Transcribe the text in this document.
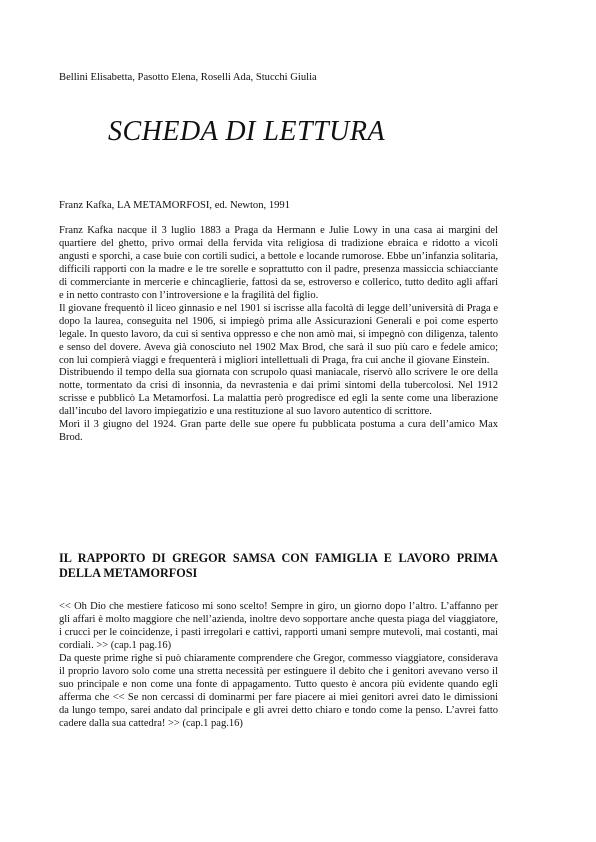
Bellini Elisabetta, Pasotto Elena, Roselli Ada, Stucchi Giulia
SCHEDA DI LETTURA
Franz Kafka, LA METAMORFOSI, ed. Newton, 1991

Franz Kafka nacque il 3 luglio 1883 a Praga da Hermann e Julie Lowy in una casa ai margini del quartiere del ghetto, privo ormai della fervida vita religiosa di tradizione ebraica e ridotto a vicoli angusti e sporchi, a case buie con cortili sudici, a bettole e locande rumorose. Ebbe un’infanzia solitaria, difficili rapporti con la madre e le tre sorelle e soprattutto con il padre, presenza massiccia schiacciante di commerciante in mercerie e chincaglierie, fattosi da se, estroverso e collerico, tutto dedito agli affari e in netto contrasto con l’introversione e la fragilità del figlio.

Il giovane frequentò il liceo ginnasio e nel 1901 si iscrisse alla facoltà di legge dell’università di Praga e dopo la laurea, conseguita nel 1906, si impiegò prima alle Assicurazioni Generali e poi come esperto legale. In questo lavoro, da cui si sentiva oppresso e che non amò mai, si impegnò con diligenza, talento e senso del dovere. Aveva già conosciuto nel 1902 Max Brod, che sarà il suo più caro e fedele amico; con lui compierà viaggi e frequenterà i migliori intellettuali di Praga, fra cui anche il giovane Einstein.

Distribuendo il tempo della sua giornata con scrupolo quasi maniacale, riservò allo scrivere le ore della notte, tormentato da crisi di insonnia, da nevrastenia e dai primi sintomi della tubercolosi. Nel 1912 scrisse e pubblicò La Metamorfosi. La malattia però progredisce ed egli la sente come una liberazione dall’incubo del lavoro impiegatizio e una restituzione al suo lavoro autentico di scrittore.

Morì il 3 giugno del 1924. Gran parte delle sue opere fu pubblicata postuma a cura dell’amico Max Brod.

IL RAPPORTO DI GREGOR SAMSA CON FAMIGLIA E LAVORO PRIMA DELLA METAMORFOSI

<< Oh Dio che mestiere faticoso mi sono scelto! Sempre in giro, un giorno dopo l’altro. L’affanno per gli affari è molto maggiore che nell’azienda, inoltre devo sopportare anche questa piaga del viaggiatore, i crucci per le coincidenze, i pasti irregolari e cattivi, rapporti umani sempre mutevoli, mai costanti, mai cordiali. >> (cap.1 pag.16)

Da queste prime righe si può chiaramente comprendere che Gregor, commesso viaggiatore, considerava il proprio lavoro solo come una stretta necessità per estinguere il debito che i genitori avevano verso il suo principale e non come una fonte di appagamento. Tutto questo è ancora più evidente quando egli afferma che << Se non cercassi di dominarmi per fare piacere ai miei genitori avrei dato le dimissioni da lungo tempo, sarei andato dal principale e gli avrei detto chiaro e tondo come la penso. L’avrei fatto cadere dalla sua cattedra! >> (cap.1 pag.16)
